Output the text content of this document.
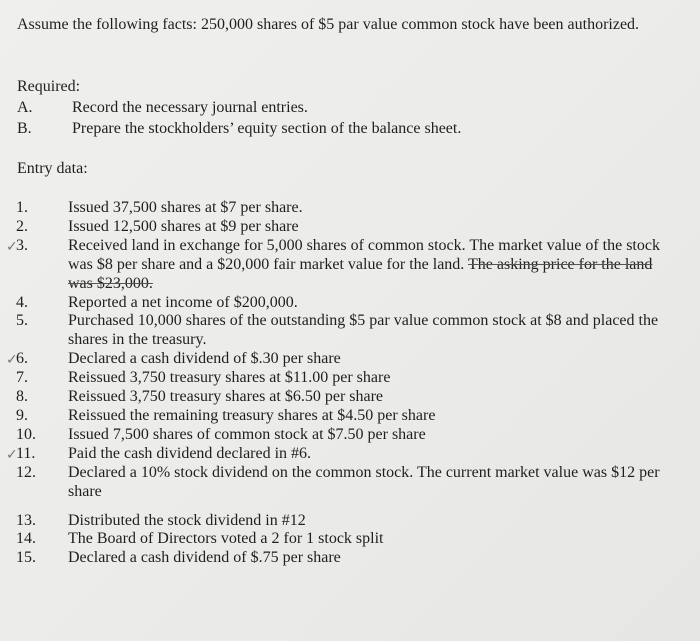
Assume the following facts: 250,000 shares of $5 par value common stock have been authorized.
Required:
A.	Record the necessary journal entries.
B.	Prepare the stockholders’ equity section of the balance sheet.
Entry data:
1.	Issued 37,500 shares at $7 per share.
2.	Issued 12,500 shares at $9 per share
✓
3.	Received land in exchange for 5,000 shares of common stock. The market value of the stock was $8 per share and a $20,000 fair market value for the land. The asking price for the land was $23,000.
4.	Reported a net income of $200,000.
5.	Purchased 10,000 shares of the outstanding $5 par value common stock at $8 and placed the shares in the treasury.
✓
6.	Declared a cash dividend of $.30 per share
7.	Reissued 3,750 treasury shares at $11.00 per share
8.	Reissued 3,750 treasury shares at $6.50 per share
9.	Reissued the remaining treasury shares at $4.50 per share
10.	Issued 7,500 shares of common stock at $7.50 per share
✓
11.	Paid the cash dividend declared in #6.
12.	Declared a 10% stock dividend on the common stock. The current market value was $12 per share
13.	Distributed the stock dividend in #12
14.	The Board of Directors voted a 2 for 1 stock split
15.	Declared a cash dividend of $.75 per share
